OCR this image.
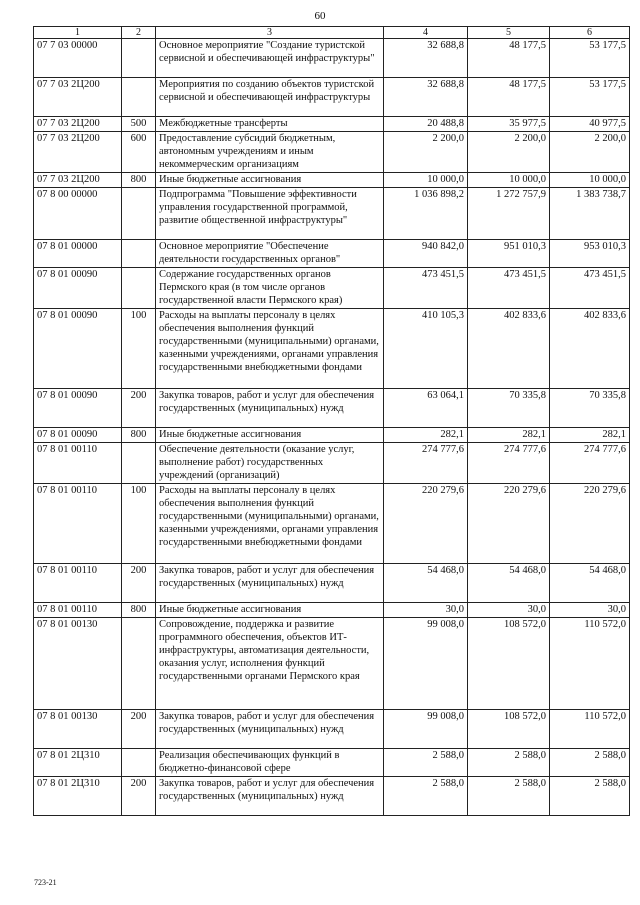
60
1	2	3	4	5	6
07 7 03 00000		Основное мероприятие "Создание туристской сервисной и обеспечивающей инфраструктуры"	32 688,8	48 177,5	53 177,5
07 7 03 2Ц200		Мероприятия по созданию объектов туристской сервисной и обеспечивающей инфраструктуры	32 688,8	48 177,5	53 177,5
07 7 03 2Ц200	500	Межбюджетные трансферты	20 488,8	35 977,5	40 977,5
07 7 03 2Ц200	600	Предоставление субсидий бюджетным, автономным учреждениям и иным некоммерческим организациям	2 200,0	2 200,0	2 200,0
07 7 03 2Ц200	800	Иные бюджетные ассигнования	10 000,0	10 000,0	10 000,0
07 8 00 00000		Подпрограмма "Повышение эффективности управления государственной программой, развитие общественной инфраструктуры"	1 036 898,2	1 272 757,9	1 383 738,7
07 8 01 00000		Основное мероприятие "Обеспечение деятельности государственных органов"	940 842,0	951 010,3	953 010,3
07 8 01 00090		Содержание государственных органов Пермского края (в том числе органов государственной власти Пермского края)	473 451,5	473 451,5	473 451,5
07 8 01 00090	100	Расходы на выплаты персоналу в целях обеспечения выполнения функций государственными (муниципальными) органами, казенными учреждениями, органами управления государственными внебюджетными фондами	410 105,3	402 833,6	402 833,6
07 8 01 00090	200	Закупка товаров, работ и услуг для обеспечения государственных (муниципальных) нужд	63 064,1	70 335,8	70 335,8
07 8 01 00090	800	Иные бюджетные ассигнования	282,1	282,1	282,1
07 8 01 00110		Обеспечение деятельности (оказание услуг, выполнение работ) государственных учреждений (организаций)	274 777,6	274 777,6	274 777,6
07 8 01 00110	100	Расходы на выплаты персоналу в целях обеспечения выполнения функций государственными (муниципальными) органами, казенными учреждениями, органами управления государственными внебюджетными фондами	220 279,6	220 279,6	220 279,6
07 8 01 00110	200	Закупка товаров, работ и услуг для обеспечения государственных (муниципальных) нужд	54 468,0	54 468,0	54 468,0
07 8 01 00110	800	Иные бюджетные ассигнования	30,0	30,0	30,0
07 8 01 00130		Сопровождение, поддержка и развитие программного обеспечения, объектов ИТ-инфраструктуры, автоматизация деятельности, оказания услуг, исполнения функций государственными органами Пермского края	99 008,0	108 572,0	110 572,0
07 8 01 00130	200	Закупка товаров, работ и услуг для обеспечения государственных (муниципальных) нужд	99 008,0	108 572,0	110 572,0
07 8 01 2Ц310		Реализация обеспечивающих функций в бюджетно-финансовой сфере	2 588,0	2 588,0	2 588,0
07 8 01 2Ц310	200	Закупка товаров, работ и услуг для обеспечения государственных (муниципальных) нужд	2 588,0	2 588,0	2 588,0
723-21
